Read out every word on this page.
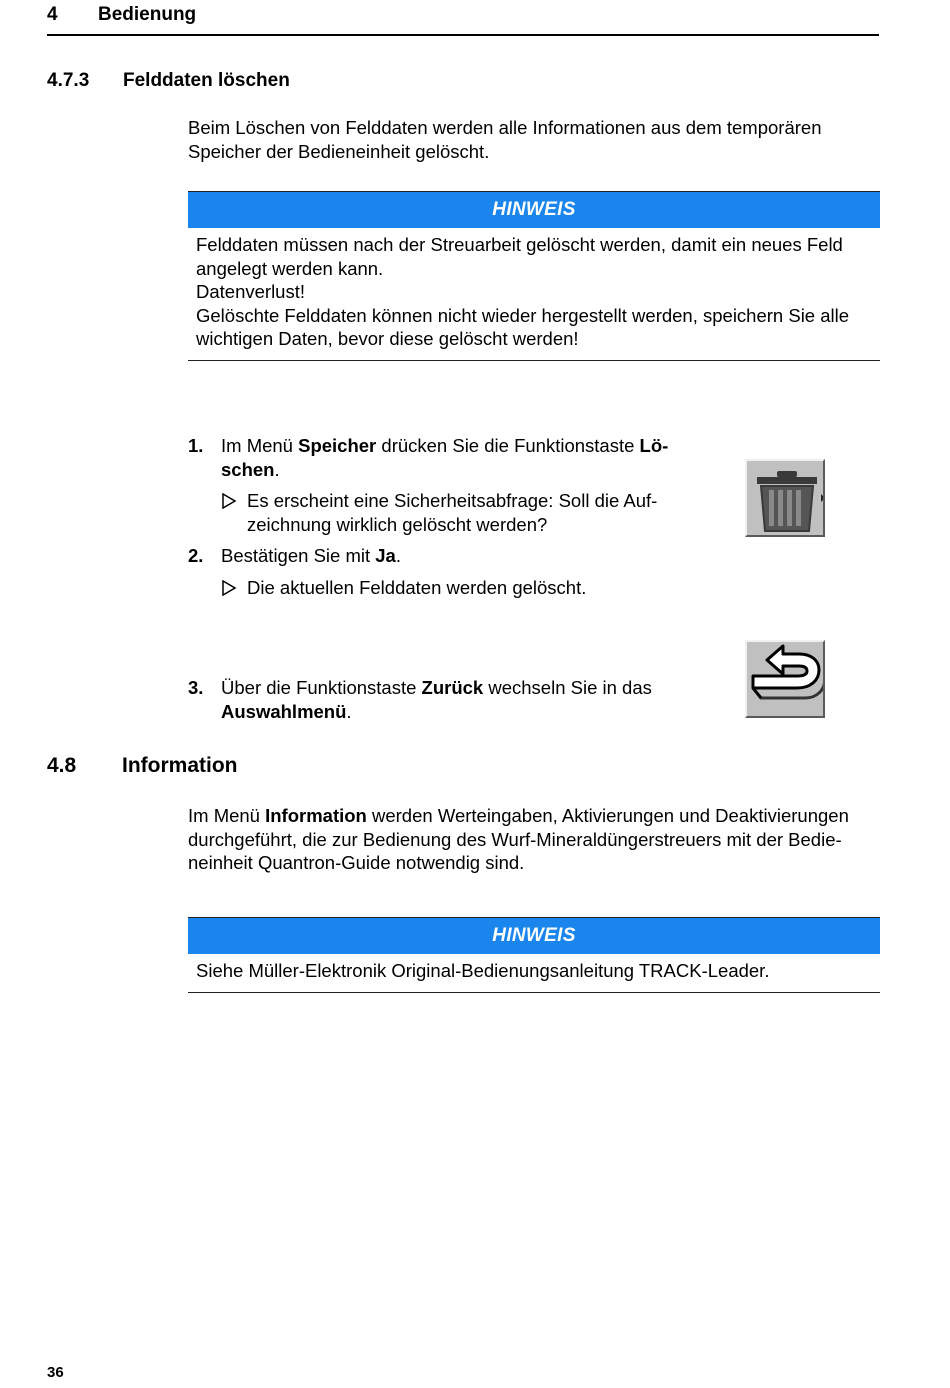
4 Bedienung
4.7.3 Felddaten löschen
Beim Löschen von Felddaten werden alle Informationen aus dem temporären
Speicher der Bedieneinheit gelöscht.
HINWEIS
Felddaten müssen nach der Streuarbeit gelöscht werden, damit ein neues Feld
angelegt werden kann.
Datenverlust!
Gelöschte Felddaten können nicht wieder hergestellt werden, speichern Sie alle
wichtigen Daten, bevor diese gelöscht werden!
1. Im Menü Speicher drücken Sie die Funktionstaste Lö-
schen.
Es erscheint eine Sicherheitsabfrage: Soll die Auf-
zeichnung wirklich gelöscht werden?
2. Bestätigen Sie mit Ja.
Die aktuellen Felddaten werden gelöscht.
3. Über die Funktionstaste Zurück wechseln Sie in das
Auswahlmenü.
4.8 Information
Im Menü Information werden Werteingaben, Aktivierungen und Deaktivierungen
durchgeführt, die zur Bedienung des Wurf-Mineraldüngerstreuers mit der Bedie-
neinheit Quantron-Guide notwendig sind.
HINWEIS
Siehe Müller-Elektronik Original-Bedienungsanleitung TRACK-Leader.
36
